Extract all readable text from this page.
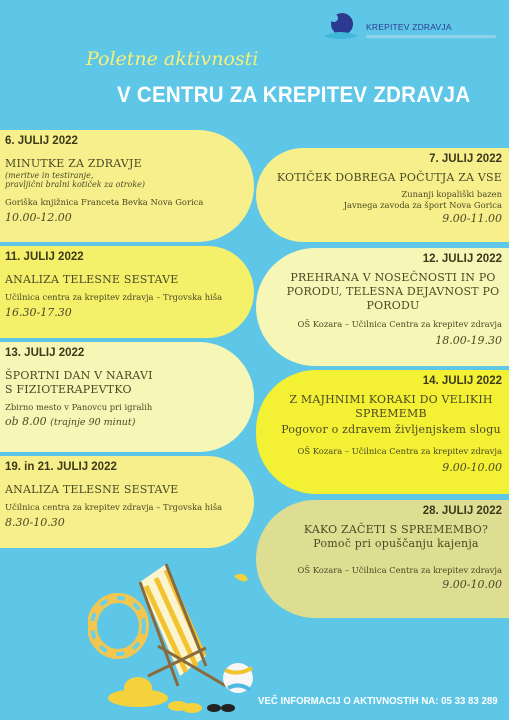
KREPITEV ZDRAVJA
Poletne aktivnosti
V CENTRU ZA KREPITEV ZDRAVJA
6. JULIJ 2022
MINUTKE ZA ZDRAVJE
(meritve in testiranje,
pravljični bralni kotiček za otroke)
Goriška knjižnica Franceta Bevka Nova Gorica
10.00-12.00
11. JULIJ 2022
ANALIZA TELESNE SESTAVE
Učilnica centra za krepitev zdravja – Trgovska hiša
16.30-17.30
13. JULIJ 2022
ŠPORTNI DAN V NARAVI
S FIZIOTERAPEVTKO
Zbirno mesto v Panovcu pri igralih
ob 8.00 (trajnje 90 minut)
19. in 21. JULIJ 2022
ANALIZA TELESNE SESTAVE
Učilnica centra za krepitev zdravja – Trgovska hiša
8.30-10.30
7. JULIJ 2022
KOTIČEK DOBREGA POČUTJA ZA VSE
Zunanji kopališki bazen
Javnega zavoda za šport Nova Gorica
9.00-11.00
12. JULIJ 2022
PREHRANA V NOSEČNOSTI IN PO
PORODU, TELESNA DEJAVNOST PO
PORODU
OŠ Kozara – Učilnica Centra za krepitev zdravja
18.00-19.30
14. JULIJ 2022
Z MAJHNIMI KORAKI DO VELIKIH
SPREMEMB
Pogovor o zdravem življenjskem slogu
OŠ Kozara – Učilnica Centra za krepitev zdravja
9.00-10.00
28. JULIJ 2022
KAKO ZAČETI S SPREMEMBO?
Pomoč pri opuščanju kajenja
OŠ Kozara – Učilnica Centra za krepitev zdravja
9.00-10.00
VEČ INFORMACIJ O AKTIVNOSTIH NA: 05 33 83 289
